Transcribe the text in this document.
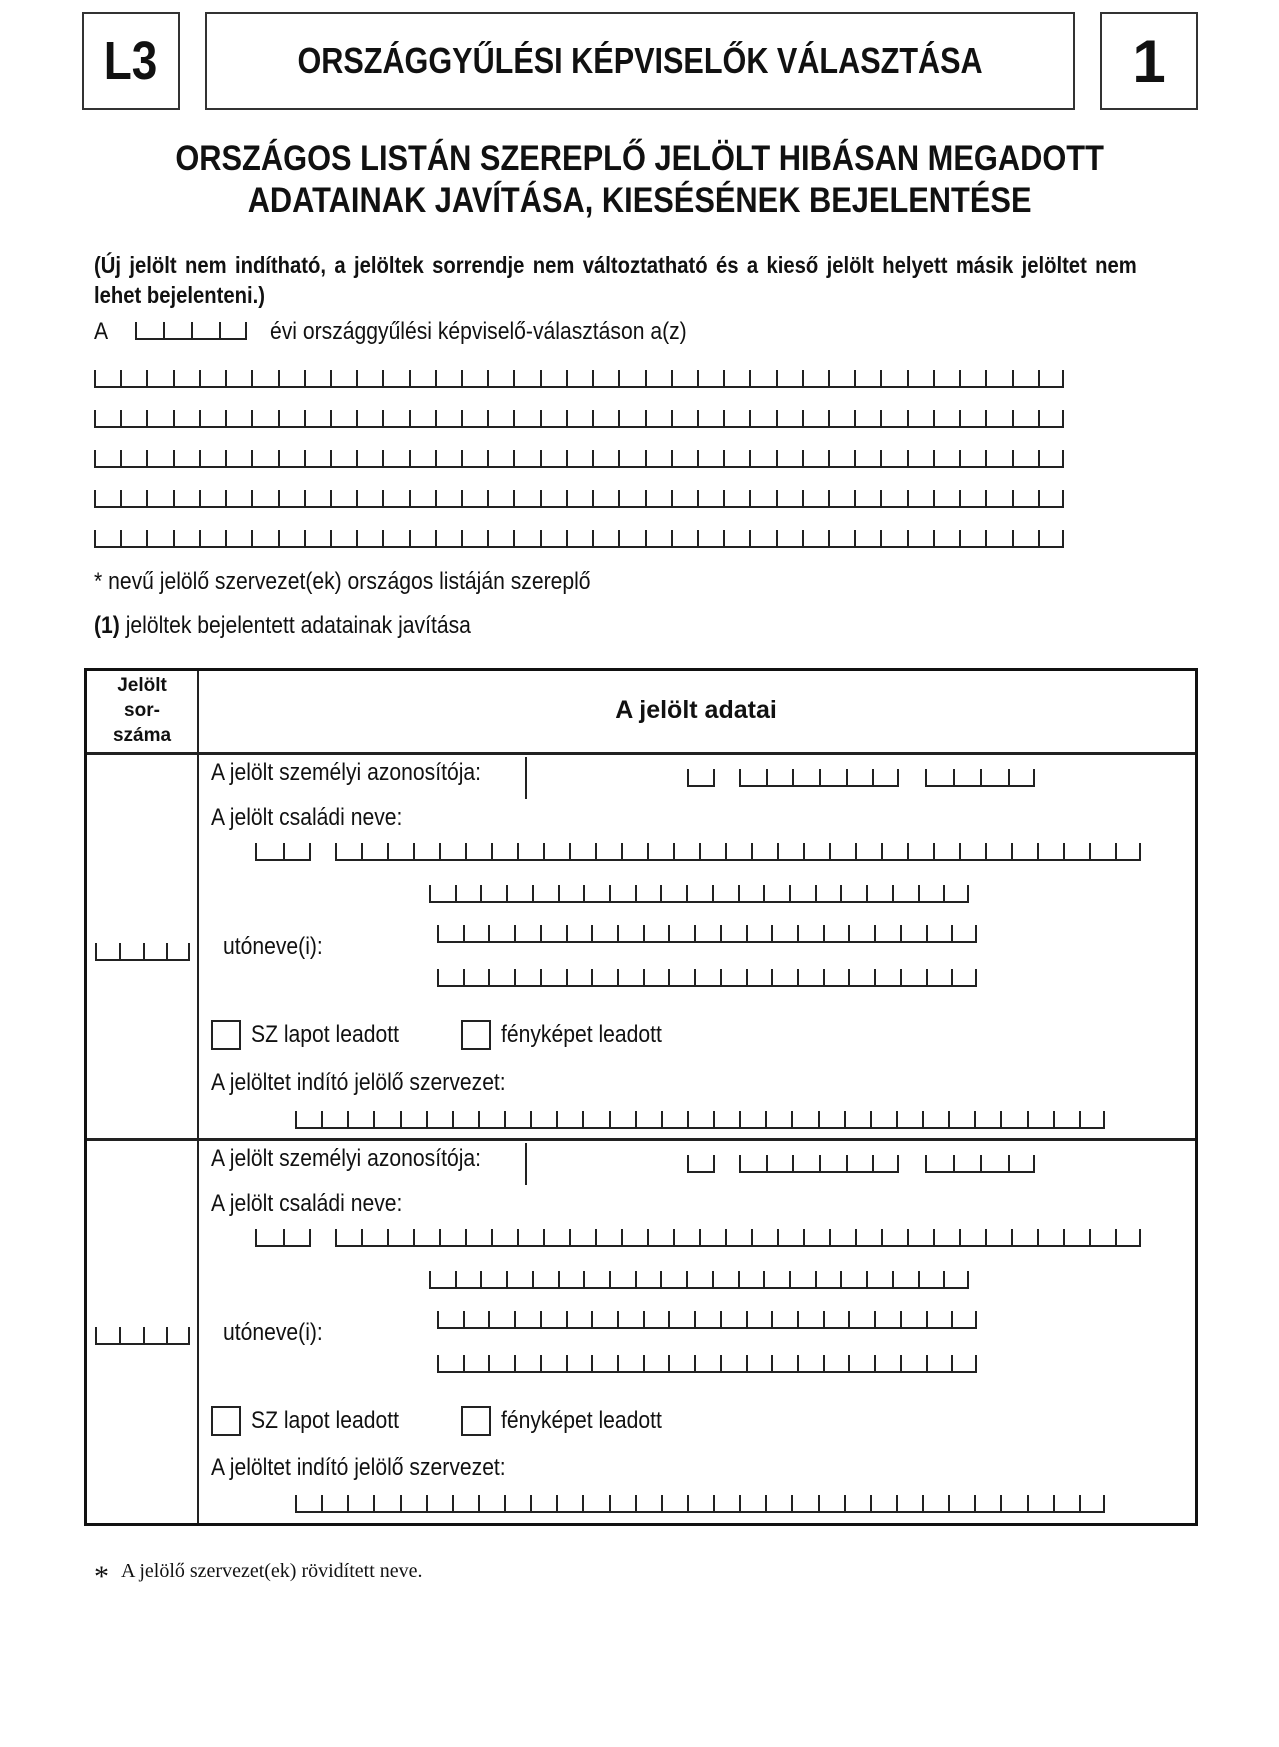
L3	ORSZÁGGYŰLÉSI KÉPVISELŐK VÁLASZTÁSA 1
ORSZÁGOS LISTÁN SZEREPLŐ JELÖLT HIBÁSAN MEGADOTT
ADATAINAK JAVÍTÁSA, KIESÉSÉNEK BEJELENTÉSE
(Új jelölt nem indítható, a jelöltek sorrendje nem változtatható és a kieső jelölt helyett másik jelöltet nem lehet bejelenteni.)
A	évi országgyűlési képviselő-választáson a(z)
* nevű jelölő szervezet(ek) országos listáján szereplő
(1) jelöltek bejelentett adatainak javítása
Jelölt
sor-
száma
A jelölt adatai
A jelölt személyi azonosítója:
A jelölt családi neve:
utóneve(i):
SZ lapot leadott	fényképet leadott
A jelöltet indító jelölő szervezet:
A jelölt személyi azonosítója:
A jelölt családi neve:
utóneve(i):
SZ lapot leadott	fényképet leadott
A jelöltet indító jelölő szervezet:
* A jelölő szervezet(ek) rövidített neve.
